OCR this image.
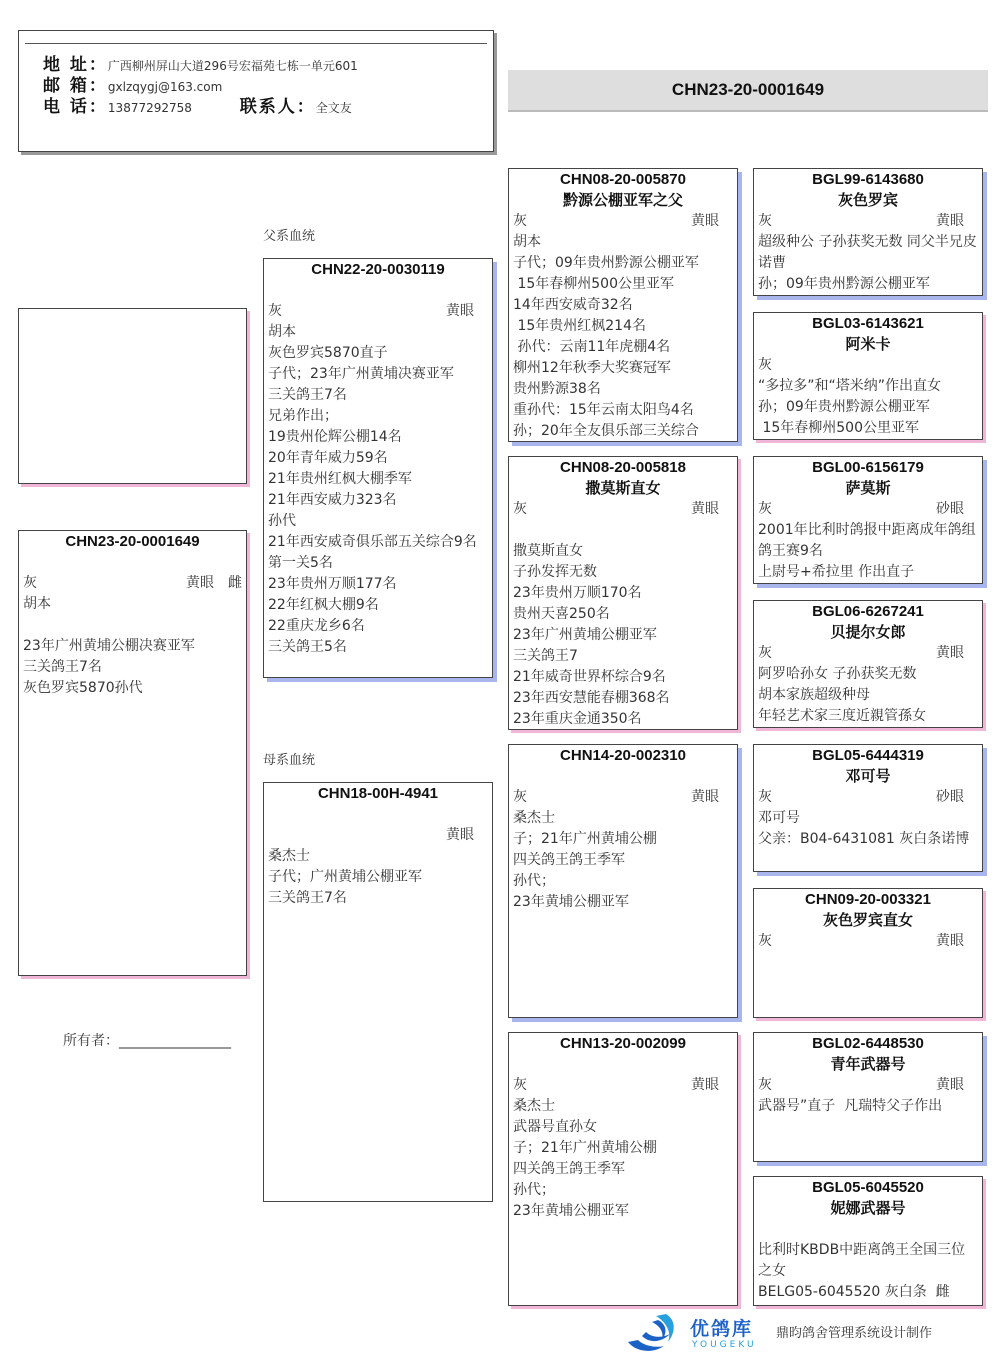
地 址：广西柳州屏山大道296号宏福苑七栋一单元601
邮 箱：gxlzqygj@163.com
电 话：13877292758	联系人：全文友
CHN23-20-0001649
CHN23-20-0001649
灰	黄眼 雌
胡本

23年广州黄埔公棚决赛亚军
三关鸽王7名
灰色罗宾5870孙代
所有者：________________
父系血统
母系血统
CHN22-20-0030119
灰	黄眼
胡本
灰色罗宾5870直子
子代；23年广州黄埔决赛亚军
三关鸽王7名
兄弟作出；
19贵州伦辉公棚14名
20年青年威力59名
21年贵州红枫大棚季军
21年西安威力323名
孙代
21年西安威奇俱乐部五关综合9名
第一关5名
23年贵州万顺177名
22年红枫大棚9名
22重庆龙乡6名
三关鸽王5名
CHN18-00H-4941
黄眼
桑杰士
子代；广州黄埔公棚亚军
三关鸽王7名
CHN08-20-005870
黔源公棚亚军之父
灰	黄眼
胡本
子代；09年贵州黔源公棚亚军
15年春柳州500公里亚军
14年西安威奇32名
15年贵州红枫214名
孙代：云南11年虎棚4名
柳州12年秋季大奖赛冠军
贵州黔源38名
重孙代：15年云南太阳鸟4名
孙；20年全友俱乐部三关综合
CHN08-20-005818
撒莫斯直女
灰	黄眼

撒莫斯直女
子孙发挥无数
23年贵州万顺170名
贵州天喜250名
23年广州黄埔公棚亚军
三关鸽王7
21年威奇世界杯综合9名
23年西安慧能春棚368名
23年重庆金通350名
CHN14-20-002310
灰	黄眼
桑杰士
子；21年广州黄埔公棚
四关鸽王鸽王季军
孙代；
23年黄埔公棚亚军
CHN13-20-002099
灰	黄眼
桑杰士
武器号直孙女
子；21年广州黄埔公棚
四关鸽王鸽王季军
孙代；
23年黄埔公棚亚军
BGL99-6143680
灰色罗宾
灰	黄眼
超级种公 子孙获奖无数 同父半兄皮诺曹
孙；09年贵州黔源公棚亚军
BGL03-6143621
阿米卡
灰
“多拉多”和“塔米纳”作出直女
孙；09年贵州黔源公棚亚军
15年春柳州500公里亚军
BGL00-6156179
萨莫斯
灰	砂眼
2001年比利时鸽报中距离成年鸽组鸽王赛9名
上尉号+希拉里 作出直子
BGL06-6267241
贝提尔女郎
灰	黄眼
阿罗哈孙女 子孙获奖无数
胡本家族超级种母
年轻艺术家三度近親管孫女
BGL05-6444319
邓可号
灰	砂眼
邓可号
父亲：B04-6431081 灰白条诺博
CHN09-20-003321
灰色罗宾直女
灰	黄眼
BGL02-6448530
青年武器号
灰	黄眼
武器号”直子  凡瑞特父子作出
BGL05-6045520
妮娜武器号

比利时KBDB中距离鸽王全国三位之女
BELG05-6045520 灰白条  雌
优鸽库
YOUGEKU
鼎昀鸽舍管理系统设计制作
